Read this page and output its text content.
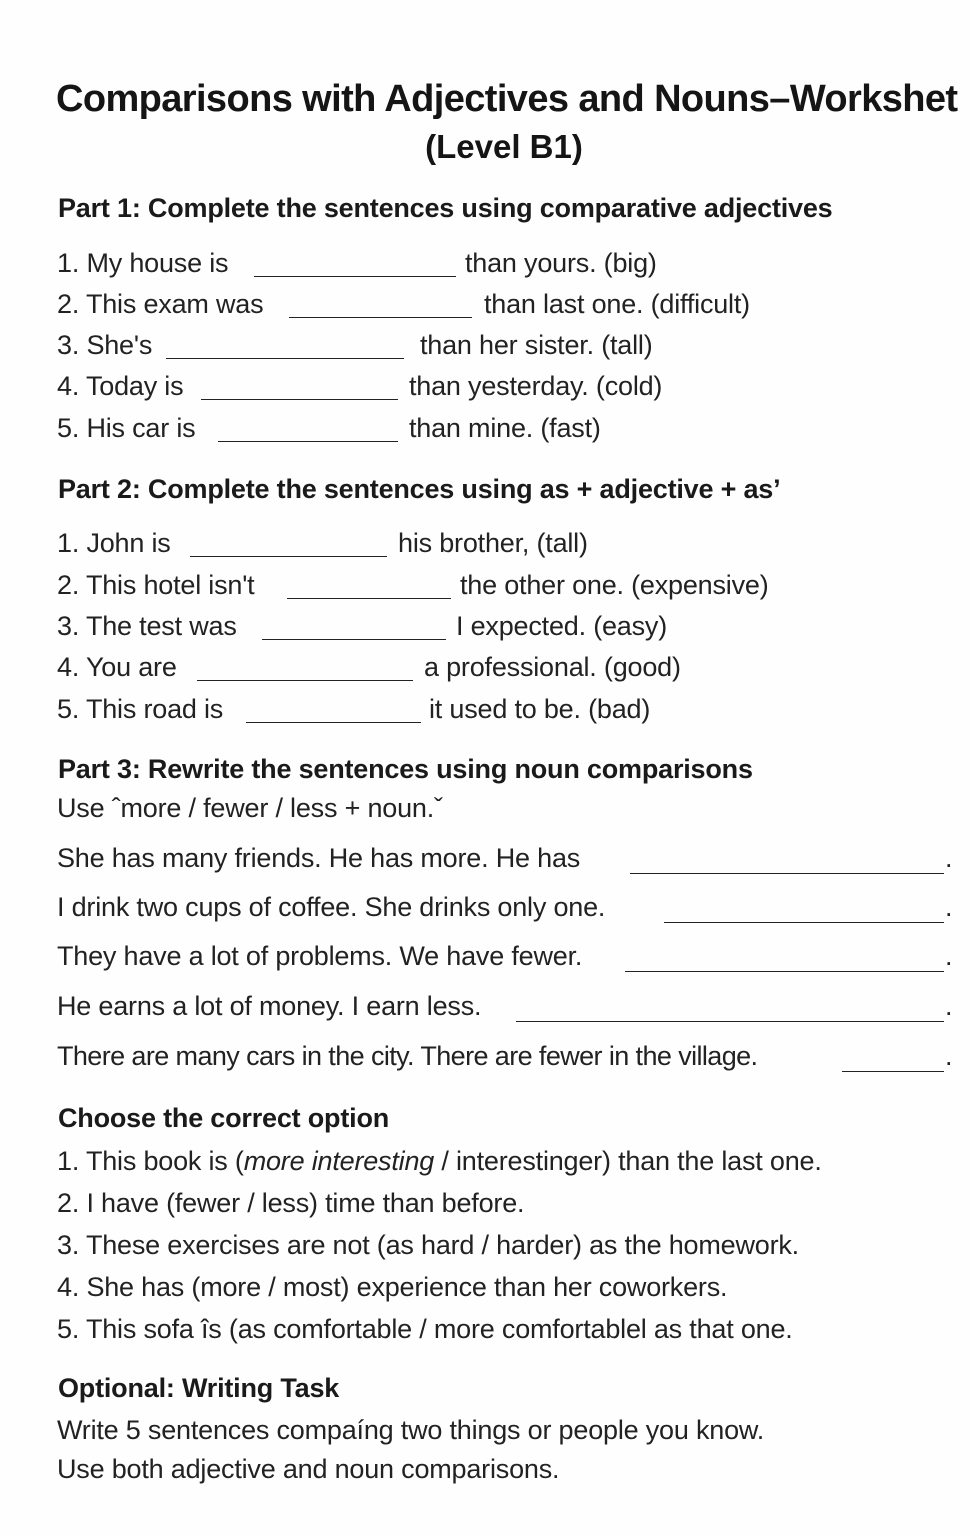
Comparisons with Adjectives and Nouns–Workshet
(Level B1)
Part 1: Complete the sentences using comparative adjectives
1. My house is	than yours. (big)
2. This exam was	than last one. (difficult)
3. She's	than her sister. (tall)
4. Today is	than yesterday. (cold)
5. His car is	than mine. (fast)
Part 2: Complete the sentences using as + adjective + as’
1. John is	his brother, (tall)
2. This hotel isn't	the other one. (expensive)
3. The test was	I expected. (easy)
4. You are	a professional. (good)
5. This road is	it used to be. (bad)
Part 3: Rewrite the sentences using noun comparisons
Use ˆmore / fewer / less + noun.ˇ
She has many friends. He has more. He has	.
I drink two cups of coffee. She drinks only one.	.
They have a lot of problems. We have fewer.	.
He earns a lot of money. I earn less.	.
There are many cars in the city. There are fewer in the village.	.
Choose the correct option
1. This book is (more interesting / interestinger) than the last one.
2. I have (fewer / less) time than before.
3. These exercises are not (as hard / harder) as the homework.
4. She has (more / most) experience than her coworkers.
5. This sofa îs (as comfortable / more comfortablel as that one.
Optional: Writing Task
Write 5 sentences compaíng two things or people you know.
Use both adjective and noun comparisons.
